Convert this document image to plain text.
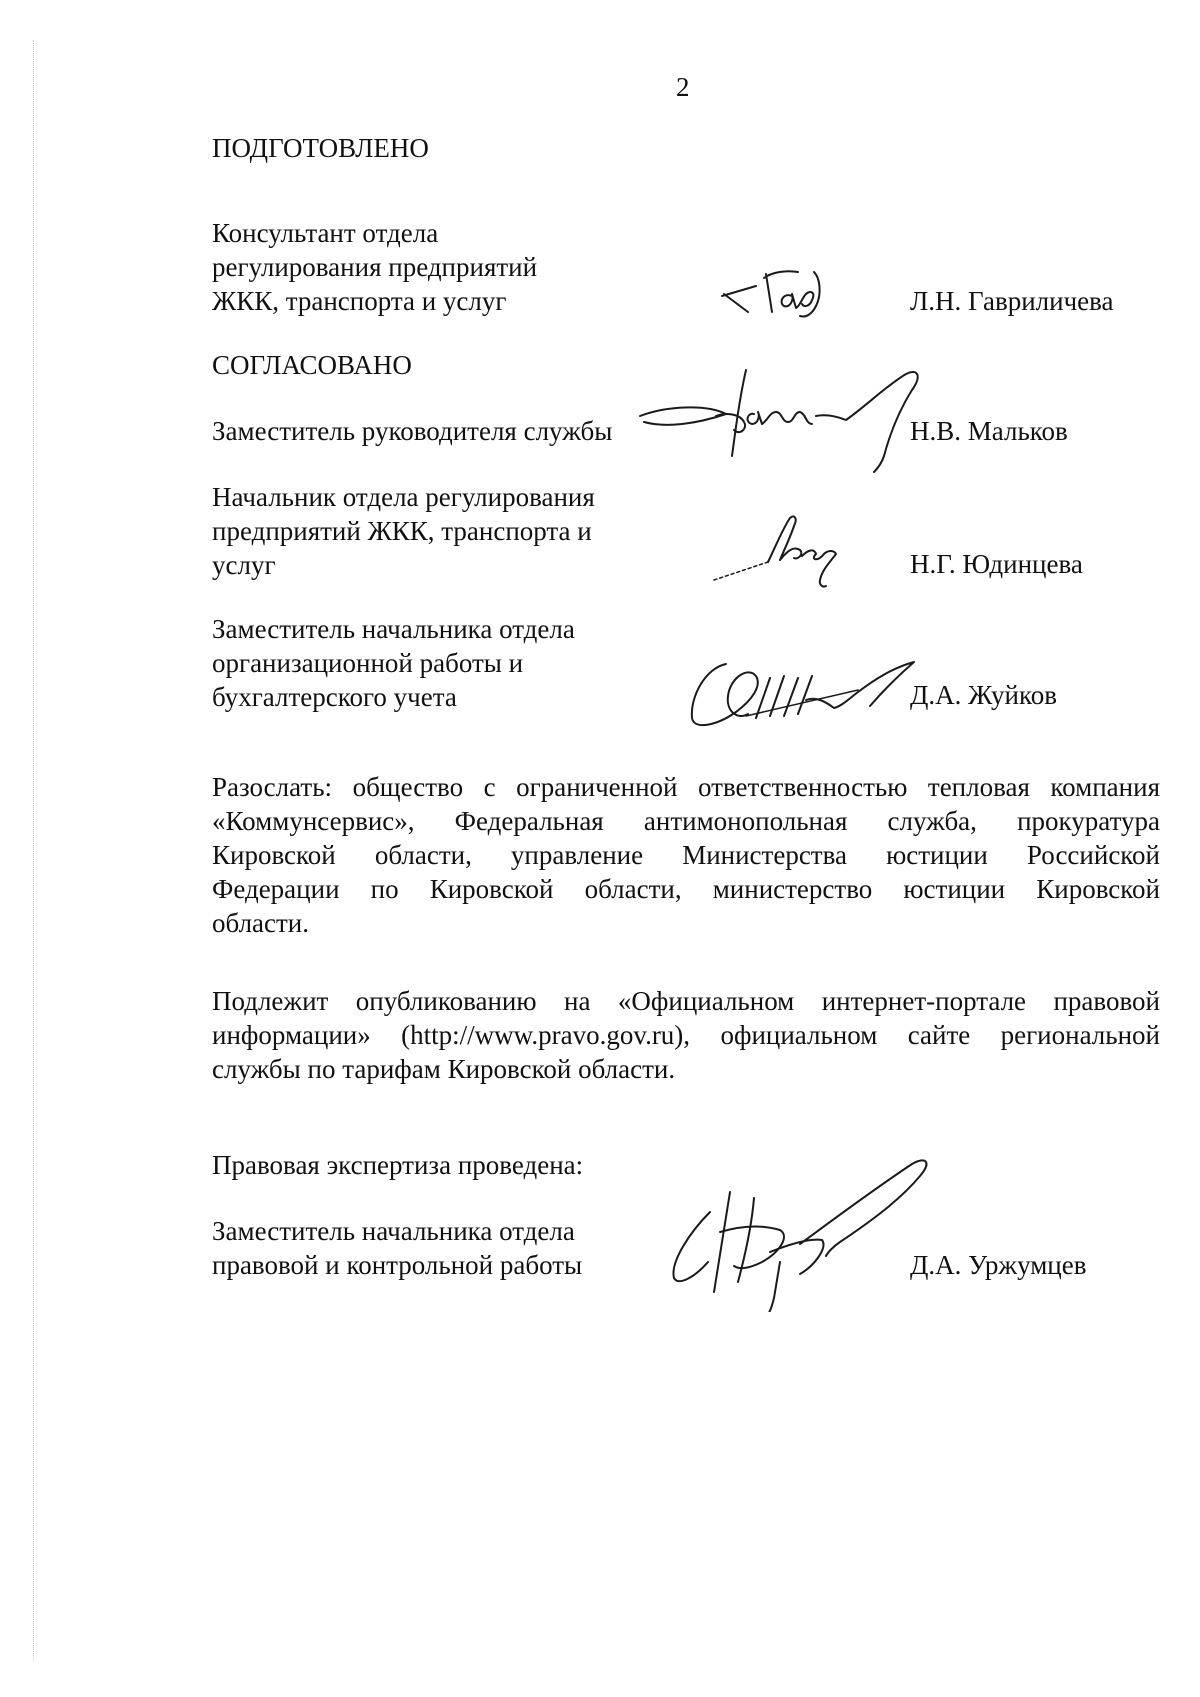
2
ПОДГОТОВЛЕНО
Консультант отдела
регулирования предприятий
ЖКК, транспорта и услуг	Л.Н. Гавриличева
СОГЛАСОВАНО
Заместитель руководителя службы	Н.В. Мальков
Начальник отдела регулирования
предприятий ЖКК, транспорта и
услуг	Н.Г. Юдинцева
Заместитель начальника отдела
организационной работы и
бухгалтерского учета	Д.А. Жуйков
Разослать: общество с ограниченной ответственностью тепловая компания
«Коммунсервис», Федеральная антимонопольная служба, прокуратура
Кировской области, управление Министерства юстиции Российской
Федерации по Кировской области, министерство юстиции Кировской
области.
Подлежит опубликованию на «Официальном интернет-портале правовой
информации» (http://www.pravo.gov.ru), официальном сайте региональной
службы по тарифам Кировской области.
Правовая экспертиза проведена:
Заместитель начальника отдела
правовой и контрольной работы	Д.А. Уржумцев
